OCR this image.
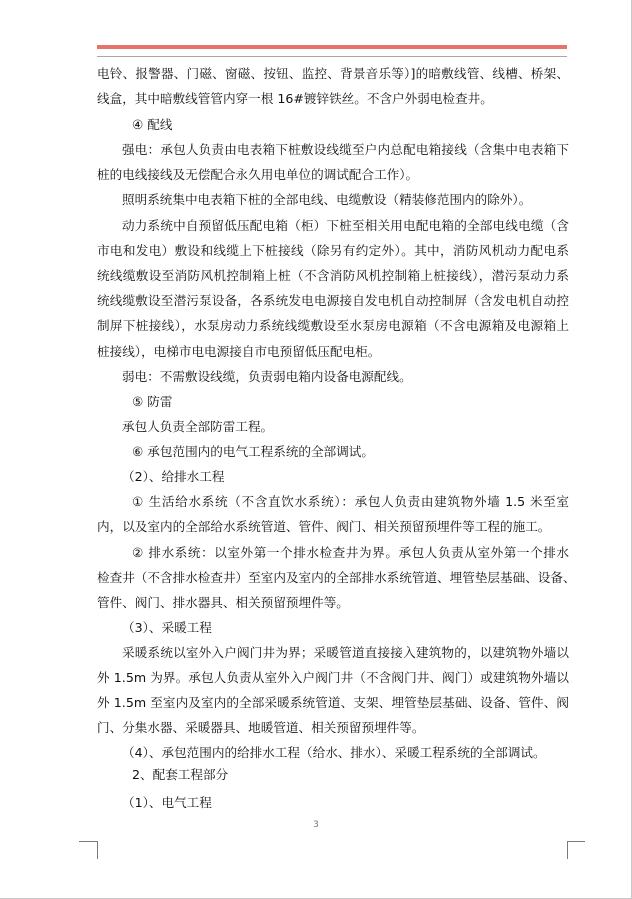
电铃、报警器、门磁、窗磁、按钮、监控、背景音乐等）]的暗敷线管、线槽、桥架、
线盒，其中暗敷线管管内穿一根 16#镀锌铁丝。不含户外弱电检查井。
④ 配线
强电：承包人负责由电表箱下桩敷设线缆至户内总配电箱接线（含集中电表箱下
桩的电线接线及无偿配合永久用电单位的调试配合工作）。
照明系统集中电表箱下桩的全部电线、电缆敷设（精装修范围内的除外）。
动力系统中自预留低压配电箱（柜）下桩至相关用电配电箱的全部电线电缆（含
市电和发电）敷设和线缆上下桩接线（除另有约定外）。其中，消防风机动力配电系
统线缆敷设至消防风机控制箱上桩（不含消防风机控制箱上桩接线），潜污泵动力系
统线缆敷设至潜污泵设备，各系统发电电源接自发电机自动控制屏（含发电机自动控
制屏下桩接线），水泵房动力系统线缆敷设至水泵房电源箱（不含电源箱及电源箱上
桩接线），电梯市电电源接自市电预留低压配电柜。
弱电：不需敷设线缆，负责弱电箱内设备电源配线。
⑤ 防雷
承包人负责全部防雷工程。
⑥ 承包范围内的电气工程系统的全部调试。
（2）、给排水工程
① 生活给水系统（不含直饮水系统）：承包人负责由建筑物外墙 1.5 米至室
内，以及室内的全部给水系统管道、管件、阀门、相关预留预埋件等工程的施工。
② 排水系统：以室外第一个排水检查井为界。承包人负责从室外第一个排水
检查井（不含排水检查井）至室内及室内的全部排水系统管道、埋管垫层基础、设备、
管件、阀门、排水器具、相关预留预埋件等。
（3）、采暖工程
采暖系统以室外入户阀门井为界；采暖管道直接接入建筑物的，以建筑物外墙以
外 1.5m 为界。承包人负责从室外入户阀门井（不含阀门井、阀门）或建筑物外墙以
外 1.5m 至室内及室内的全部采暖系统管道、支架、埋管垫层基础、设备、管件、阀
门、分集水器、采暖器具、地暖管道、相关预留预埋件等。
（4）、承包范围内的给排水工程（给水、排水）、采暖工程系统的全部调试。
2、配套工程部分
（1）、电气工程
3
